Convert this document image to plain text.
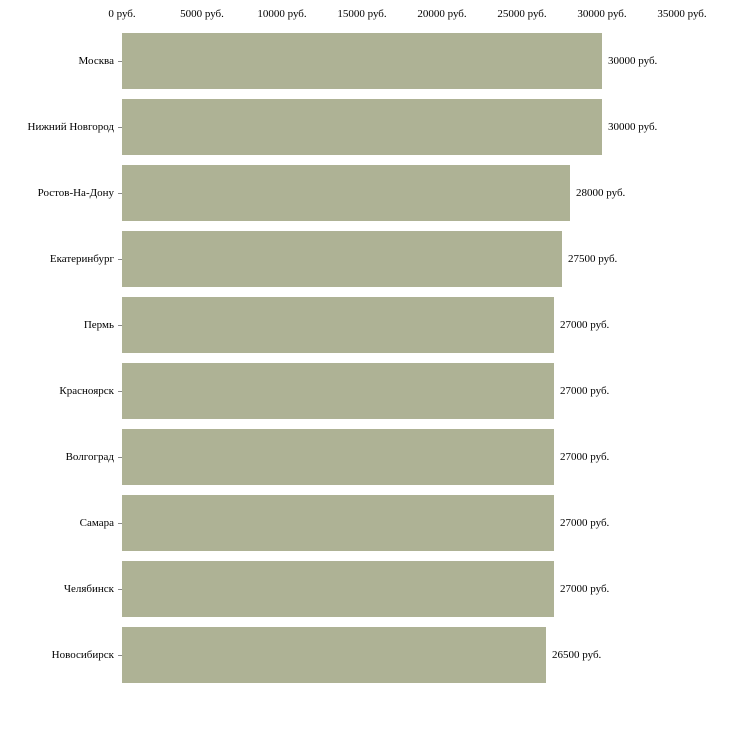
0 руб.	5000 руб.	10000 руб.	15000 руб.	20000 руб.	25000 руб.	30000 руб.	35000 руб.
Москва	30000 руб.
Нижний Новгород	30000 руб.
Ростов-На-Дону	28000 руб.
Екатеринбург	27500 руб.
Пермь	27000 руб.
Красноярск	27000 руб.
Волгоград	27000 руб.
Самара	27000 руб.
Челябинск	27000 руб.
Новосибирск	26500 руб.
